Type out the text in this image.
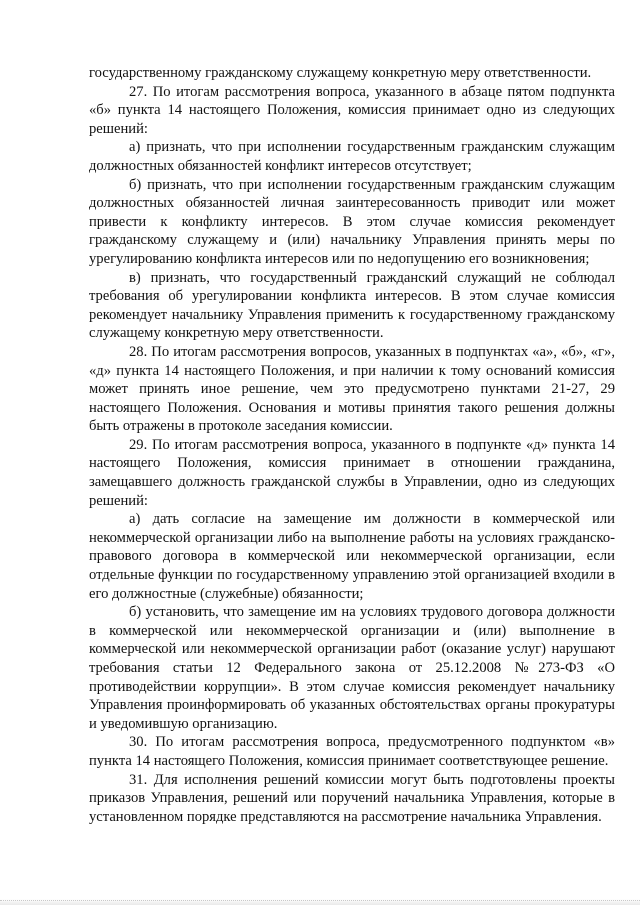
государственному гражданскому служащему конкретную меру ответственности.

27. По итогам рассмотрения вопроса, указанного в абзаце пятом подпункта «б» пункта 14 настоящего Положения, комиссия принимает одно из следующих решений:

а) признать, что при исполнении государственным гражданским служащим должностных обязанностей конфликт интересов отсутствует;

б) признать, что при исполнении государственным гражданским служащим должностных обязанностей личная заинтересованность приводит или может привести к конфликту интересов. В этом случае комиссия рекомендует гражданскому служащему и (или) начальнику Управления принять меры по урегулированию конфликта интересов или по недопущению его возникновения;

в) признать, что государственный гражданский служащий не соблюдал требования об урегулировании конфликта интересов. В этом случае комиссия рекомендует начальнику Управления применить к государственному гражданскому служащему конкретную меру ответственности.

28. По итогам рассмотрения вопросов, указанных в подпунктах «а», «б», «г», «д» пункта 14 настоящего Положения, и при наличии к тому оснований комиссия может принять иное решение, чем это предусмотрено пунктами 21-27, 29 настоящего Положения. Основания и мотивы принятия такого решения должны быть отражены в протоколе заседания комиссии.

29. По итогам рассмотрения вопроса, указанного в подпункте «д» пункта 14 настоящего Положения, комиссия принимает в отношении гражданина, замещавшего должность гражданской службы в Управлении, одно из следующих решений:

а) дать согласие на замещение им должности в коммерческой или некоммерческой организации либо на выполнение работы на условиях гражданско-правового договора в коммерческой или некоммерческой организации, если отдельные функции по государственному управлению этой организацией входили в его должностные (служебные) обязанности;

б) установить, что замещение им на условиях трудового договора должности в коммерческой или некоммерческой организации и (или) выполнение в коммерческой или некоммерческой организации работ (оказание услуг) нарушают требования статьи 12 Федерального закона от 25.12.2008 №273-ФЗ «О противодействии коррупции». В этом случае комиссия рекомендует начальнику Управления проинформировать об указанных обстоятельствах органы прокуратуры и уведомившую организацию.

30. По итогам рассмотрения вопроса, предусмотренного подпунктом «в» пункта 14 настоящего Положения, комиссия принимает соответствующее решение.

31. Для исполнения решений комиссии могут быть подготовлены проекты приказов Управления, решений или поручений начальника Управления, которые в установленном порядке представляются на рассмотрение начальника Управления.
